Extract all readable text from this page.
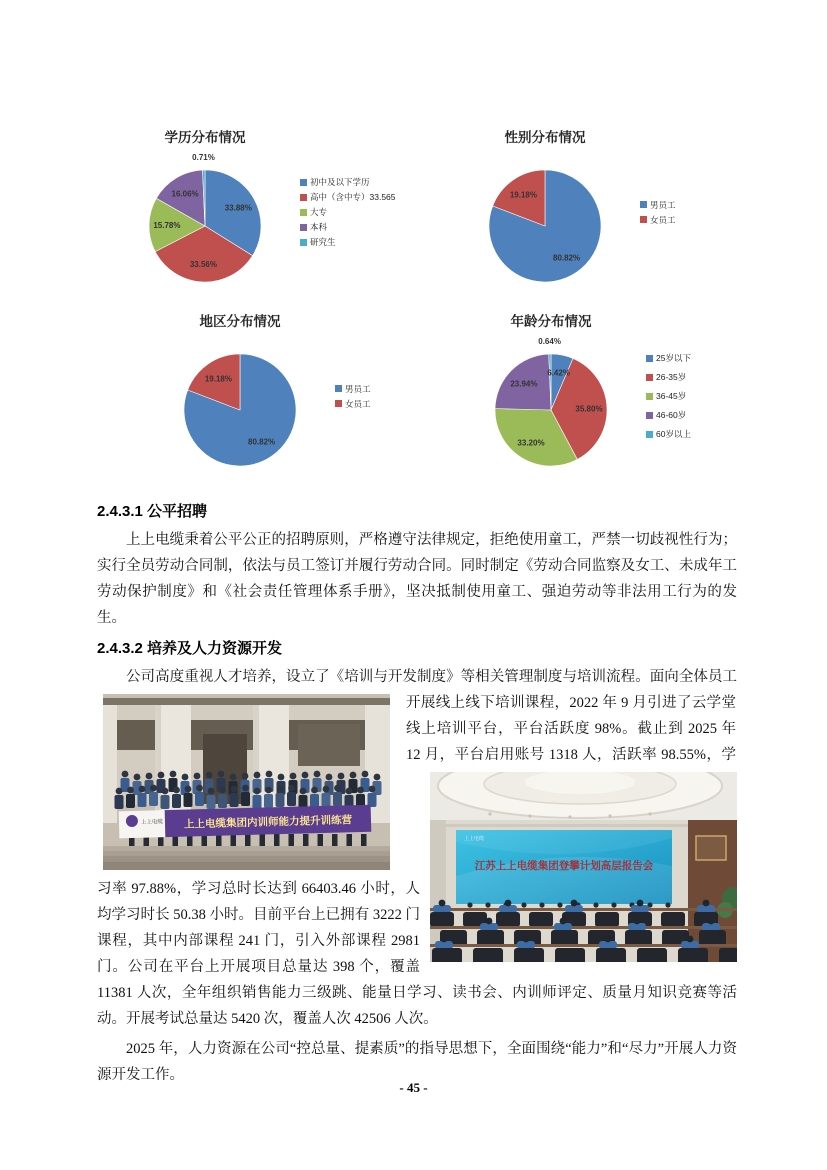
学历分布情况
33.88%
33.56%
15.78%
16.06%
0.71%
初中及以下学历
高中（含中专）33.565
大专
本科
研究生
性别分布情况
80.82%
19.18%
男员工
女员工
地区分布情况
80.82%
19.18%
男员工
女员工
年龄分布情况
6.42%
35.80%
33.20%
23.94%
0.64%
25岁以下
26-35岁
36-45岁
46-60岁
60岁以上
2.4.3.1 公平招聘

上上电缆秉着公平公正的招聘原则，严格遵守法律规定，拒绝使用童工，严禁一切歧视性行为；实行全员劳动合同制，依法与员工签订并履行劳动合同。同时制定《劳动合同监察及女工、未成年工劳动保护制度》和《社会责任管理体系手册》，坚决抵制使用童工、强迫劳动等非法用工行为的发生。

2.4.3.2 培养及人力资源开发

公司高度重视人才培养，设立了《培训与开发制度》等相关管理制度与培训流程。面向全体员
上上电缆 上上电缆集团内训师能力提升训练营
上上电缆
江苏上上电缆集团登攀计划高层报告会
工开展线上线下培训课程，2022 年 9 月引进了云学堂线上培训平台，平台活跃度 98%。截止到 2025 年 12 月，平台启用账号 1318 人，活跃率 98.55%，学习率 97.88%，学习总时长达到 66403.46 小时，人均学习时长 50.38 小时。目前平台上已拥有 3222 门课程，其中内部课程 241 门，引入外部课程 2981 门。公司在平台上开展项目总量达 398 个，覆盖 11381 人次，全年组织销售能力三级跳、能量日学习、读书会、内训师评定、质量月知识竞赛等活动。开展考试总量达 5420 次，覆盖人次 42506 人次。

2025 年，人力资源在公司“控总量、提素质”的指导思想下，全面围绕“能力”和“尽力”开展人力资源开发工作。

- 45 -
